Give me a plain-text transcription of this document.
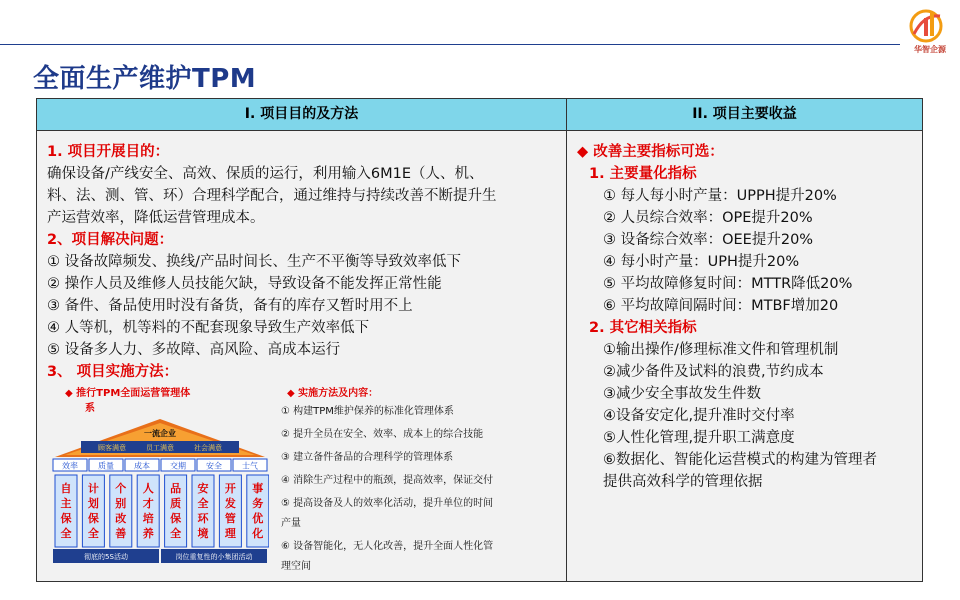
华智企源
全面生产维护TPM
I. 项目目的及方法	II. 项目主要收益
1. 项目开展目的：
确保设备/产线安全、高效、保质的运行，利用输入6M1E（人、机、
料、法、测、管、环）合理科学配合，通过维持与持续改善不断提升生
产运营效率，降低运营管理成本。
2、项目解决问题：
① 设备故障频发、换线/产品时间长、生产不平衡等导致效率低下
② 操作人员及维修人员技能欠缺，导致设备不能发挥正常性能
③ 备件、备品使用时没有备货，备有的库存又暂时用不上
④ 人等机，机等料的不配套现象导致生产效率低下
⑤ 设备多人力、多故障、高风险、高成本运行
3、 项目实施方法：
◆ 推行TPM全面运营管理体
系
一流企业
顾客满意	员工满意	社会满意
效率	质量	成本	交期	安全	士气
自主保全
计划保全
个别改善
人才培养
品质保全
安全环境
开发管理
事务优化
彻底的5S活动	岗位重复性的小集团活动
◆ 实施方法及内容：
① 构建TPM维护保养的标准化管理体系
② 提升全员在安全、效率、成本上的综合技能
③ 建立备件备品的合理科学的管理体系
④ 消除生产过程中的瓶颈，提高效率，保证交付
⑤ 提高设备及人的效率化活动，提升单位的时间
产量
⑥ 设备智能化，无人化改善，提升全面人性化管
理空间
◆ 改善主要指标可选：
1. 主要量化指标
① 每人每小时产量：UPPH提升20%
② 人员综合效率：OPE提升20%
③ 设备综合效率：OEE提升20%
④ 每小时产量：UPH提升20%
⑤ 平均故障修复时间：MTTR降低20%
⑥ 平均故障间隔时间：MTBF增加20
2. 其它相关指标
①输出操作/修理标准文件和管理机制
②减少备件及试料的浪费,节约成本
③减少安全事故发生件数
④设备安定化,提升准时交付率
⑤人性化管理,提升职工满意度
⑥数据化、智能化运营模式的构建为管理者
提供高效科学的管理依据
